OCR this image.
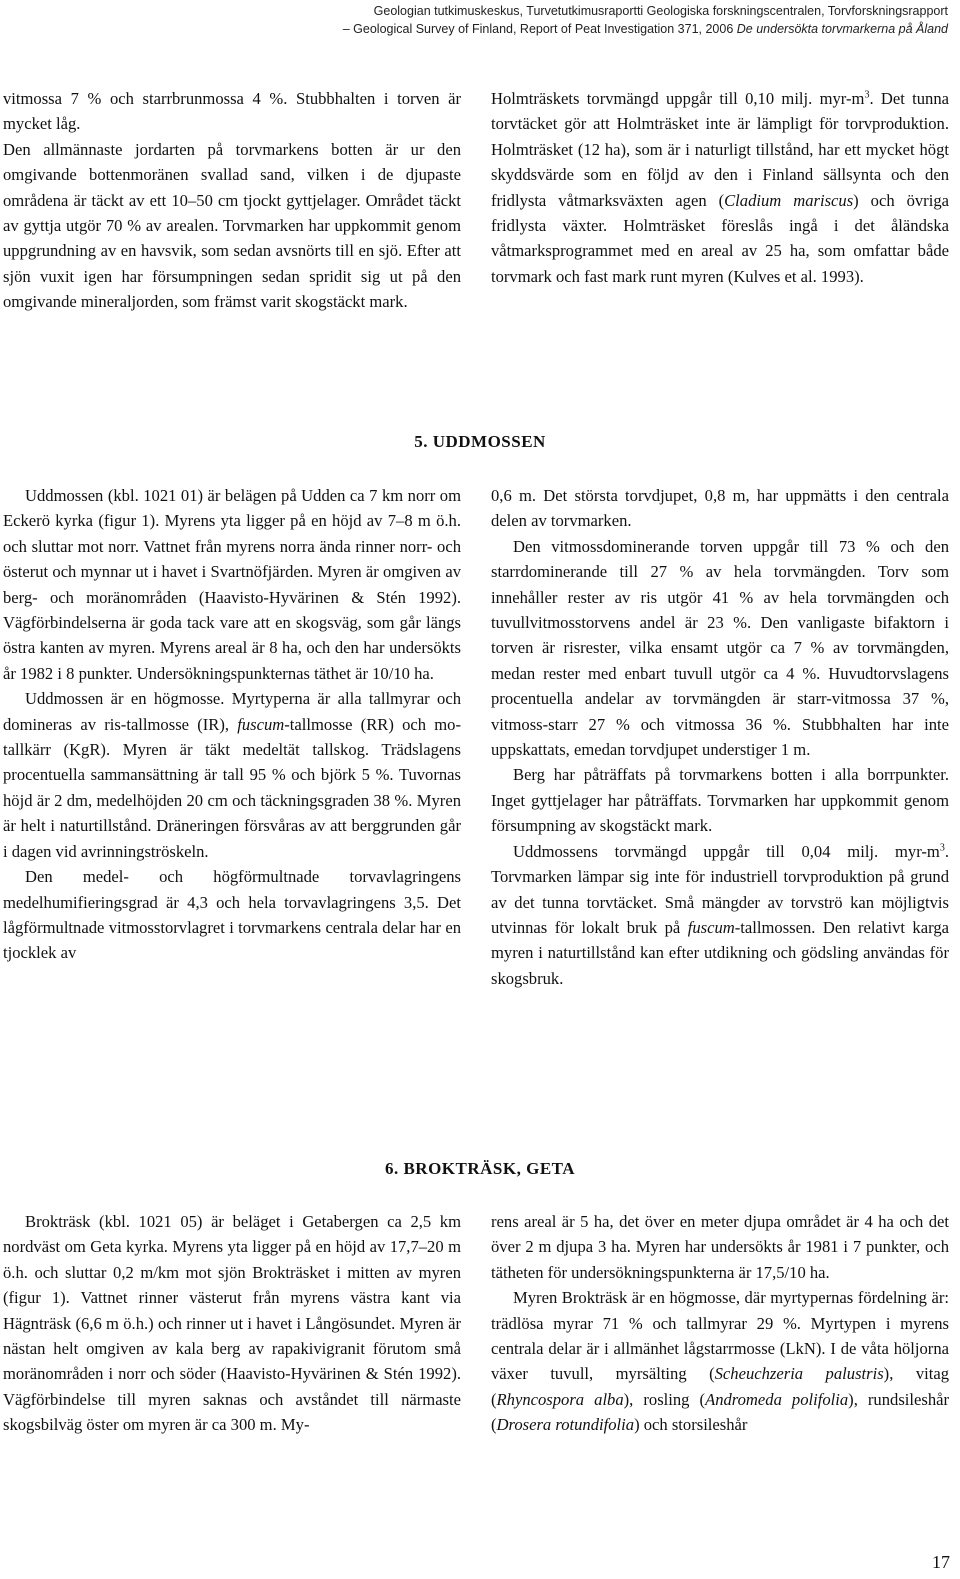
Geologian tutkimuskeskus, Turvetutkimusraportti Geologiska forskningscentralen, Torvforskningsrapport
– Geological Survey of Finland, Report of Peat Investigation 371, 2006 De undersökta torvmarkerna på Åland

vitmossa 7 % och starrbrunmossa 4 %. Stubbhalten i torven är mycket låg.

Den allmännaste jordarten på torvmarkens botten är ur den omgivande bottenmoränen svallad sand, vilken i de djupaste områdena är täckt av ett 10–50 cm tjockt gyttjelager. Området täckt av gyttja utgör 70 % av arealen. Torvmarken har uppkommit genom uppgrundning av en havsvik, som sedan avsnörts till en sjö. Efter att sjön vuxit igen har försumpningen sedan spridit sig ut på den omgivande mineraljorden, som främst varit skogstäckt mark.

Holmträskets torvmängd uppgår till 0,10 milj. myr-$m^3$. Det tunna torvtäcket gör att Holmträsket inte är lämpligt för torvproduktion. Holmträsket (12 ha), som är i naturligt tillstånd, har ett mycket högt skyddsvärde som en följd av den i Finland sällsynta och den fridlysta våtmarksväxten agen (Cladium mariscus) och övriga fridlysta växter. Holmträsket föreslås ingå i det åländska våtmarksprogrammet med en areal av 25 ha, som omfattar både torvmark och fast mark runt myren (Kulves et al. 1993).

5. UDDMOSSEN

Uddmossen (kbl. 1021 01) är belägen på Udden ca 7 km norr om Eckerö kyrka (figur 1). Myrens yta ligger på en höjd av 7–8 m ö.h. och sluttar mot norr. Vattnet från myrens norra ända rinner norr- och österut och mynnar ut i havet i Svartnöfjärden. Myren är omgiven av berg- och moränområden (Haavisto-Hyvärinen & Stén 1992). Vägförbindelserna är goda tack vare att en skogsväg, som går längs östra kanten av myren. Myrens areal är 8 ha, och den har undersökts år 1982 i 8 punkter. Undersökningspunkternas täthet är 10/10 ha.

Uddmossen är en högmosse. Myrtyperna är alla tallmyrar och domineras av ris-tallmosse (IR), fuscum-tallmosse (RR) och mo-tallkärr (KgR). Myren är täkt medeltät tallskog. Trädslagens procentuella sammansättning är tall 95 % och björk 5 %. Tuvornas höjd är 2 dm, medelhöjden 20 cm och täckningsgraden 38 %. Myren är helt i naturtillstånd. Dräneringen försvåras av att berggrunden går i dagen vid avrinningströskeln.

Den medel- och högförmultnade torvavlagringens medelhumifieringsgrad är 4,3 och hela torvavlagringens 3,5. Det lågförmultnade vitmosstorvlagret i torvmarkens centrala delar har en tjocklek av

0,6 m. Det största torvdjupet, 0,8 m, har uppmätts i den centrala delen av torvmarken.

Den vitmossdominerande torven uppgår till 73 % och den starrdominerande till 27 % av hela torvmängden. Torv som innehåller rester av ris utgör 41 % av hela torvmängden och tuvullvitmosstorvens andel är 23 %. Den vanligaste bifaktorn i torven är risrester, vilka ensamt utgör ca 7 % av torvmängden, medan rester med enbart tuvull utgör ca 4 %. Huvudtorvslagens procentuella andelar av torvmängden är starr-vitmossa 37 %, vitmoss-starr 27 % och vitmossa 36 %. Stubbhalten har inte uppskattats, emedan torvdjupet understiger 1 m.

Berg har påträffats på torvmarkens botten i alla borrpunkter. Inget gyttjelager har påträffats. Torvmarken har uppkommit genom försumpning av skogstäckt mark.

Uddmossens torvmängd uppgår till 0,04 milj. myr-$m^3$. Torvmarken lämpar sig inte för industriell torvproduktion på grund av det tunna torvtäcket. Små mängder av torvströ kan möjligtvis utvinnas för lokalt bruk på fuscum-tallmossen. Den relativt karga myren i naturtillstånd kan efter utdikning och gödsling användas för skogsbruk.

6. BROKTRÄSK, GETA

Brokträsk (kbl. 1021 05) är beläget i Getabergen ca 2,5 km nordväst om Geta kyrka. Myrens yta ligger på en höjd av 17,7–20 m ö.h. och sluttar 0,2 m/km mot sjön Brokträsket i mitten av myren (figur 1). Vattnet rinner västerut från myrens västra kant via Hägnträsk (6,6 m ö.h.) och rinner ut i havet i Långösundet. Myren är nästan helt omgiven av kala berg av rapakivigranit förutom små moränområden i norr och söder (Haavisto-Hyvärinen & Stén 1992). Vägförbindelse till myren saknas och avståndet till närmaste skogsbilväg öster om myren är ca 300 m. My-

rens areal är 5 ha, det över en meter djupa området är 4 ha och det över 2 m djupa 3 ha. Myren har undersökts år 1981 i 7 punkter, och tätheten för undersökningspunkterna är 17,5/10 ha.

Myren Brokträsk är en högmosse, där myrtypernas fördelning är: trädlösa myrar 71 % och tallmyrar 29 %. Myrtypen i myrens centrala delar är i allmänhet lågstarrmosse (LkN). I de våta höljorna växer tuvull, myrsälting (Scheuchzeria palustris), vitag (Rhyncospora alba), rosling (Andromeda polifolia), rundsileshår (Drosera rotundifolia) och storsileshår

17
